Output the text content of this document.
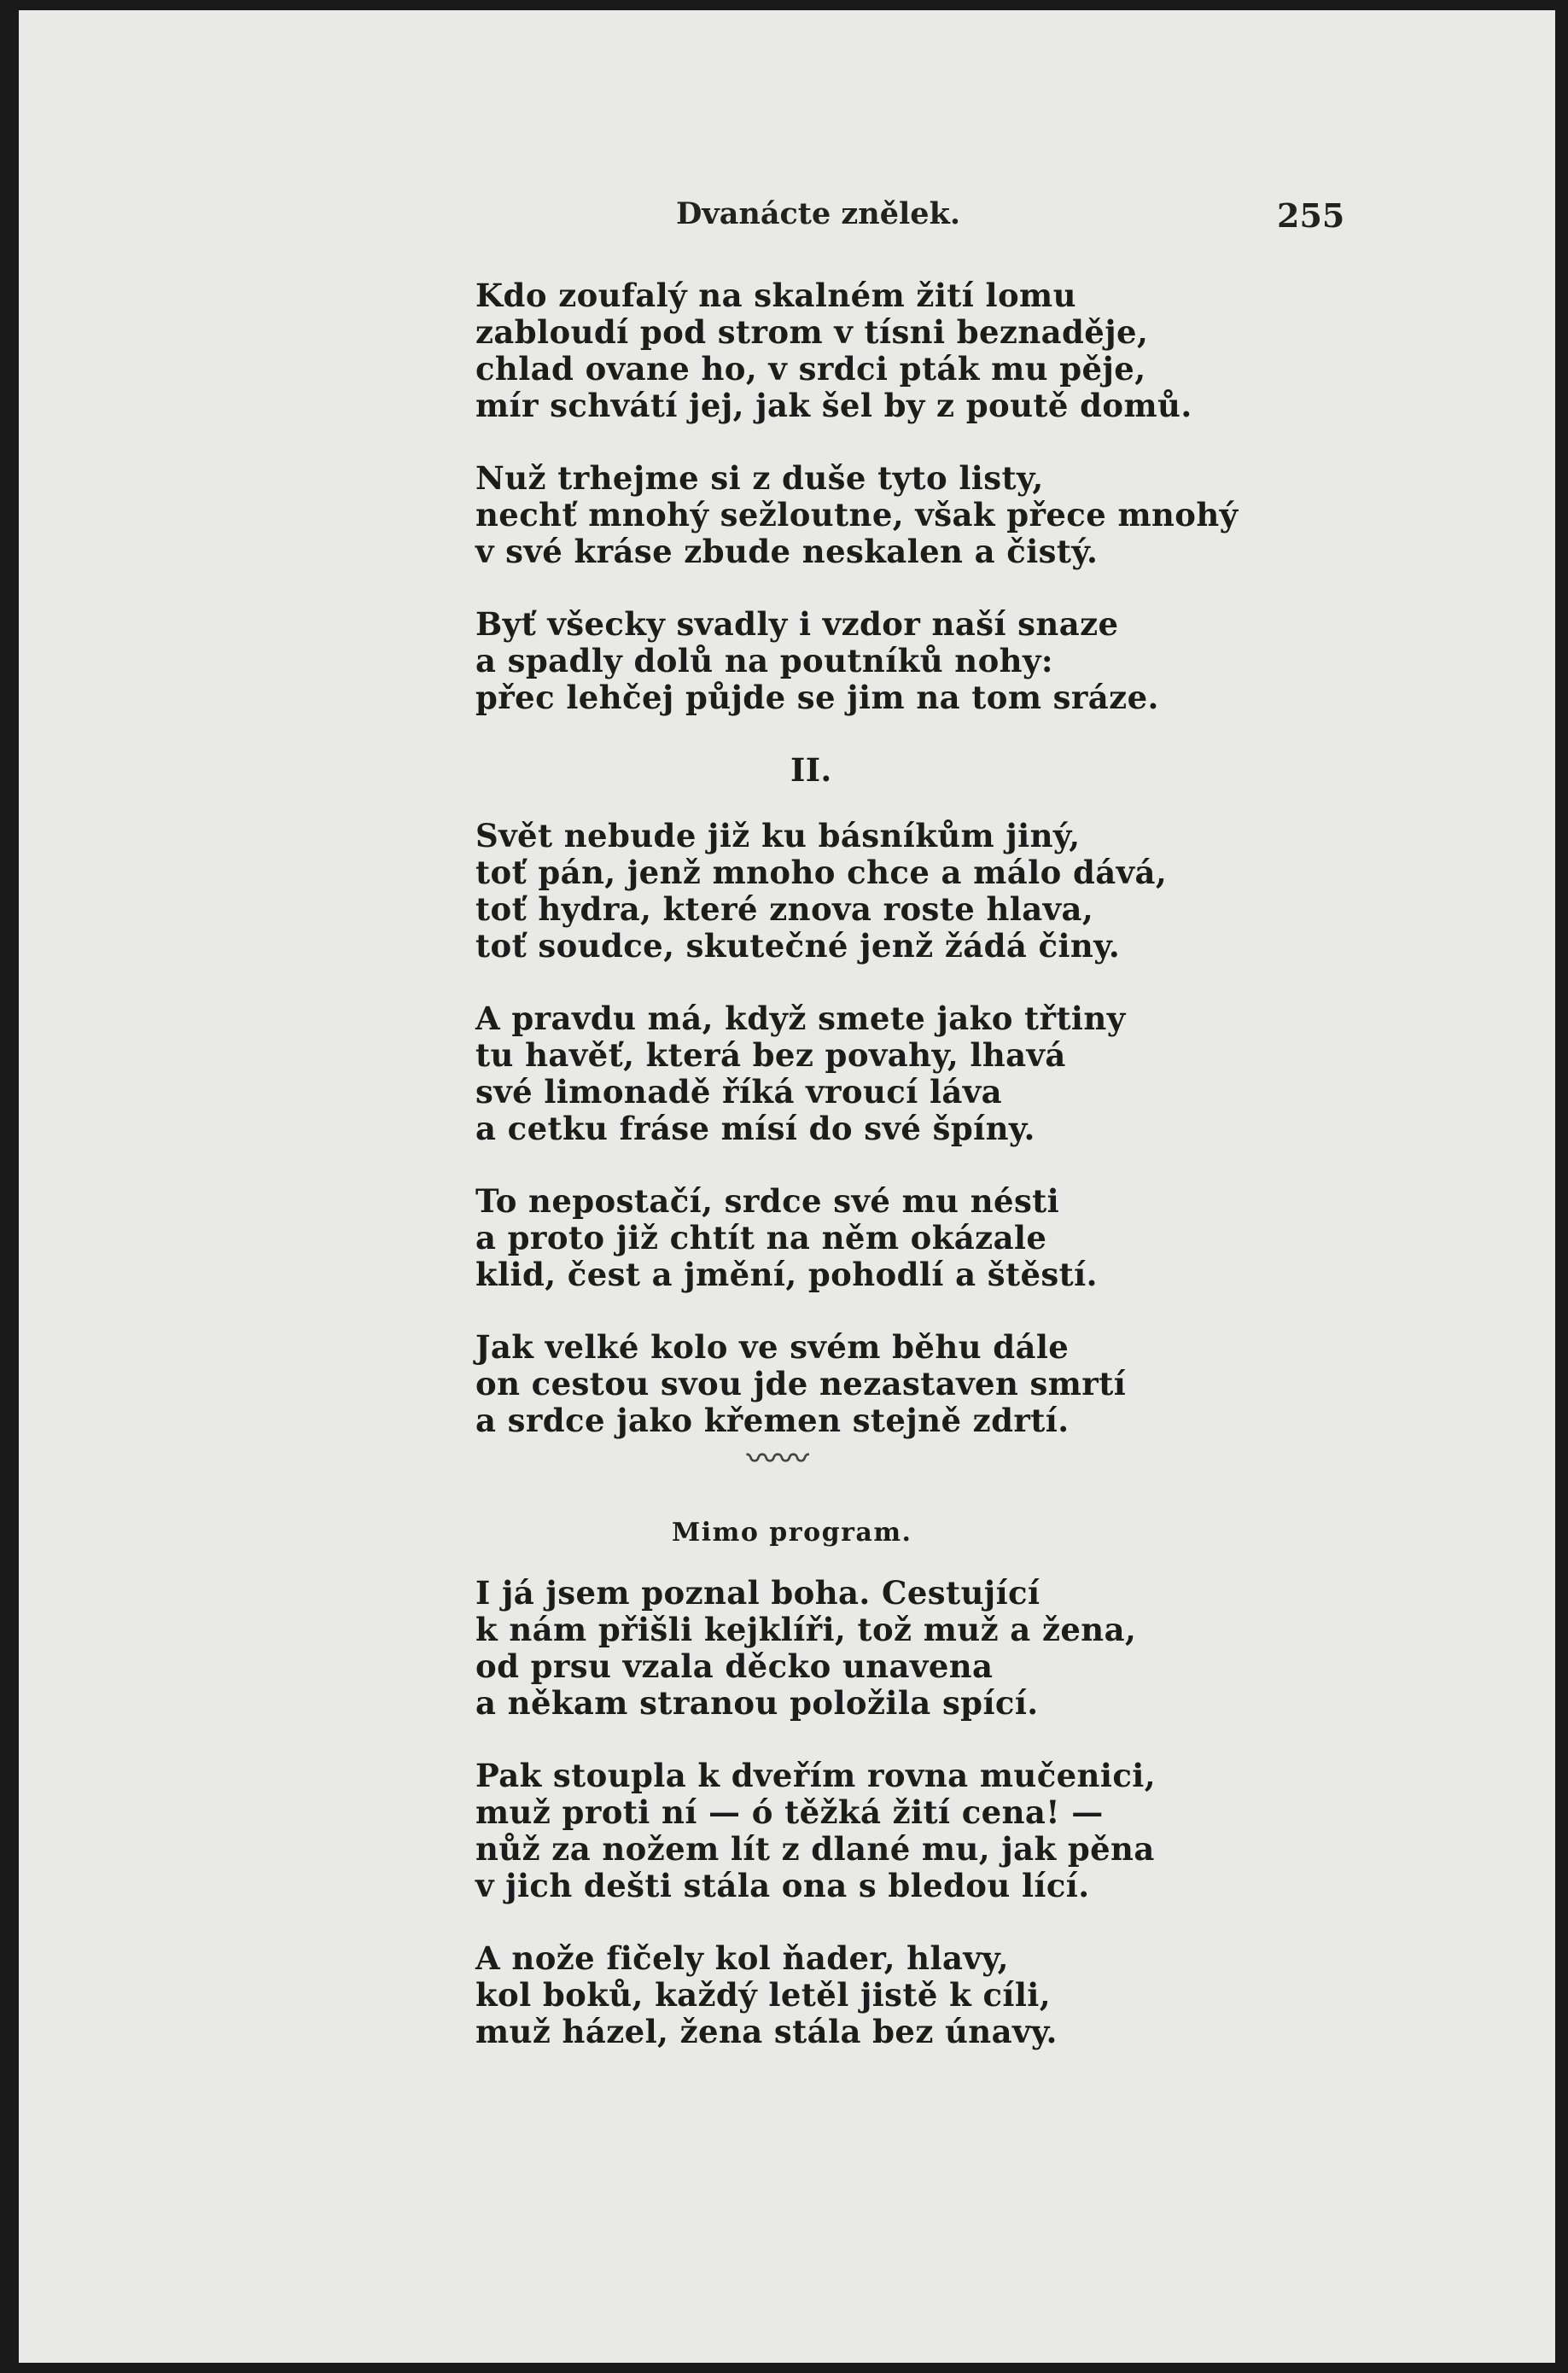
Dvanácte znělek.	255
Kdo zoufalý na skalném žití lomu
zabloudí pod strom v tísni beznaděje,
chlad ovane ho, v srdci pták mu pěje,
mír schvátí jej, jak šel by z poutě domů.
Nuž trhejme si z duše tyto listy,
nechť mnohý sežloutne, však přece mnohý
v své kráse zbude neskalen a čistý.
Byť všecky svadly i vzdor naší snaze
a spadly dolů na poutníků nohy:
přec lehčej půjde se jim na tom sráze.
II.
Svět nebude již ku básníkům jiný,
toť pán, jenž mnoho chce a málo dává,
toť hydra, které znova roste hlava,
toť soudce, skutečné jenž žádá činy.
A pravdu má, když smete jako třtiny
tu havěť, která bez povahy, lhavá
své limonadě říká vroucí láva
a cetku fráse mísí do své špíny.
To nepostačí, srdce své mu nésti
a proto již chtít na něm okázale
klid, čest a jmění, pohodlí a štěstí.
Jak velké kolo ve svém běhu dále
on cestou svou jde nezastaven smrtí
a srdce jako křemen stejně zdrtí.
〰〰
Mimo program.
I já jsem poznal boha. Cestující
k nám přišli kejklíři, tož muž a žena,
od prsu vzala děcko unavena
a někam stranou položila spící.
Pak stoupla k dveřím rovna mučenici,
muž proti ní — ó těžká žití cena! —
nůž za nožem lít z dlané mu, jak pěna
v jich dešti stála ona s bledou lící.
A nože fičely kol ňader, hlavy,
kol boků, každý letěl jistě k cíli,
muž házel, žena stála bez únavy.
